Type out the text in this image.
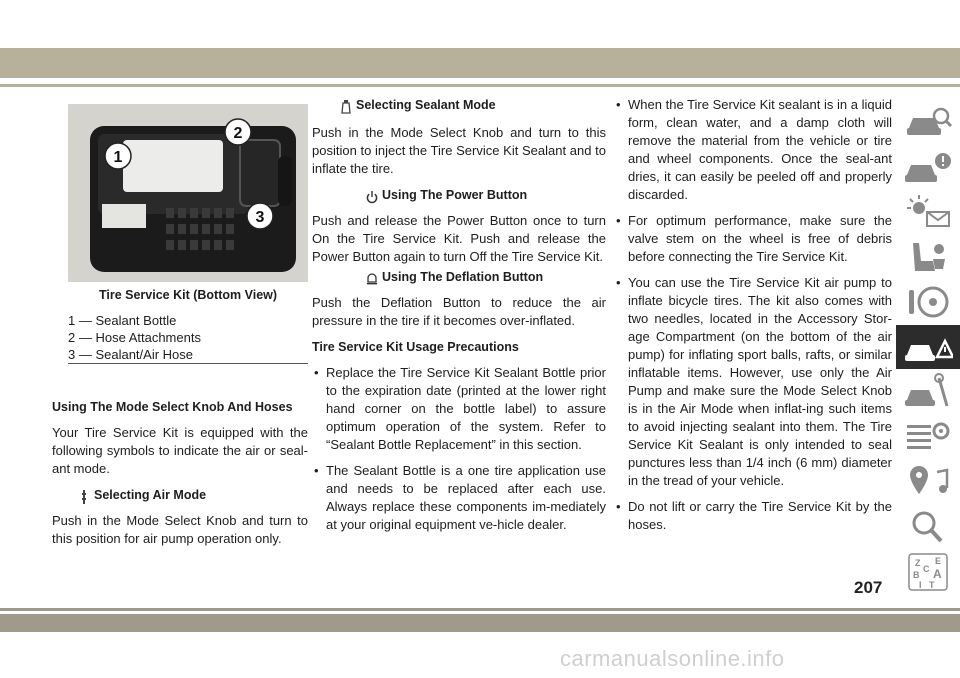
1
2
3
Tire Service Kit (Bottom View)
1 — Sealant Bottle
2 — Hose Attachments
3 — Sealant/Air Hose
Using The Mode Select Knob And Hoses

Your Tire Service Kit is equipped with the following symbols to indicate the air or seal-ant mode.

Selecting Air Mode

Push in the Mode Select Knob and turn to this position for air pump operation only.

Selecting Sealant Mode

Push in the Mode Select Knob and turn to this position to inject the Tire Service Kit Sealant and to inflate the tire.

Using The Power Button

Push and release the Power Button once to turn On the Tire Service Kit. Push and release the Power Button again to turn Off the Tire Service Kit.

Using The Deflation Button

Push the Deflation Button to reduce the air pressure in the tire if it becomes over-inflated.

Tire Service Kit Usage Precautions
• Replace the Tire Service Kit Sealant Bottle prior to the expiration date (printed at the lower right hand corner on the bottle label) to assure optimum operation of the system. Refer to “Sealant Bottle Replacement” in this section.
• The Sealant Bottle is a one tire application use and needs to be replaced after each use. Always replace these components im-mediately at your original equipment ve-hicle dealer.
• When the Tire Service Kit sealant is in a liquid form, clean water, and a damp cloth will remove the material from the vehicle or tire and wheel components. Once the seal-ant dries, it can easily be peeled off and properly discarded.
• For optimum performance, make sure the valve stem on the wheel is free of debris before connecting the Tire Service Kit.
• You can use the Tire Service Kit air pump to inflate bicycle tires. The kit also comes with two needles, located in the Accessory Stor-age Compartment (on the bottom of the air pump) for inflating sport balls, rafts, or similar inflatable items. However, use only the Air Pump and make sure the Mode Select Knob is in the Air Mode when inflat-ing such items to avoid injecting sealant into them. The Tire Service Kit Sealant is only intended to seal punctures less than 1/4 inch (6 mm) diameter in the tread of your vehicle.
• Do not lift or carry the Tire Service Kit by the hoses.
Z E
B A
C
T
I
207
carmanualsonline.info
